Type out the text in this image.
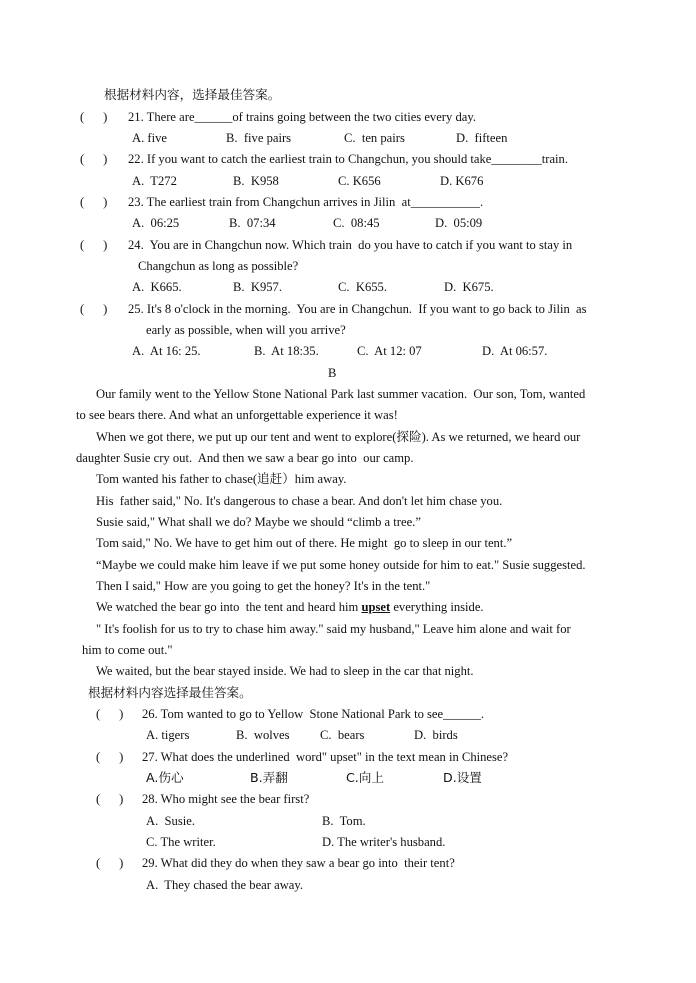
根据材料内容，选择最佳答案。
(      ) 21. There are______of trains going between the two cities every day.
A. five	B.  five pairs	C.  ten pairs	D.  fifteen
(      ) 22. If you want to catch the earliest train to Changchun, you should take________train.
A.  T272	B.  K958	C. K656	D. K676
(      ) 23. The earliest train from Changchun arrives in Jilin  at___________.
A.  06:25	B.  07:34	C.  08:45	D.  05:09
(      ) 24.  You are in Changchun now. Which train  do you have to catch if you want to stay in
Changchun as long as possible?
A.  K665.	B.  K957.	C.  K655.	D.  K675.
(      ) 25. It's 8 o'clock in the morning.  You are in Changchun.  If you want to go back to Jilin  as
early as possible, when will you arrive?
A.  At 16: 25.	B.  At 18:35.	C.  At 12: 07	D.  At 06:57.
B
Our family went to the Yellow Stone National Park last summer vacation.  Our son, Tom, wanted
to see bears there. And what an unforgettable experience it was!
When we got there, we put up our tent and went to explore(探险). As we returned, we heard our
daughter Susie cry out.  And then we saw a bear go into  our camp.
Tom wanted his father to chase(追赶）him away.
His  father said," No. It's dangerous to chase a bear. And don't let him chase you.
Susie said," What shall we do? Maybe we should “climb a tree.”
Tom said," No. We have to get him out of there. He might  go to sleep in our tent.”
“Maybe we could make him leave if we put some honey outside for him to eat." Susie suggested.
Then I said," How are you going to get the honey? It's in the tent."
We watched the bear go into  the tent and heard him upset everything inside.
" It's foolish for us to try to chase him away." said my husband," Leave him alone and wait for
him to come out."
We waited, but the bear stayed inside. We had to sleep in the car that night.
根据材料内容选择最佳答案。
(      ) 26. Tom wanted to go to Yellow  Stone National Park to see______.
A. tigers	B.  wolves C.  bears	D.  birds
(      ) 27. What does the underlined  word" upset" in the text mean in Chinese?
A.伤心	B.弄翻	C.向上	D.设置
(      ) 28. Who might see the bear first?
A.  Susie.	B.  Tom.
C. The writer.	D. The writer's husband.
(      ) 29. What did they do when they saw a bear go into  their tent?
A.  They chased the bear away.
